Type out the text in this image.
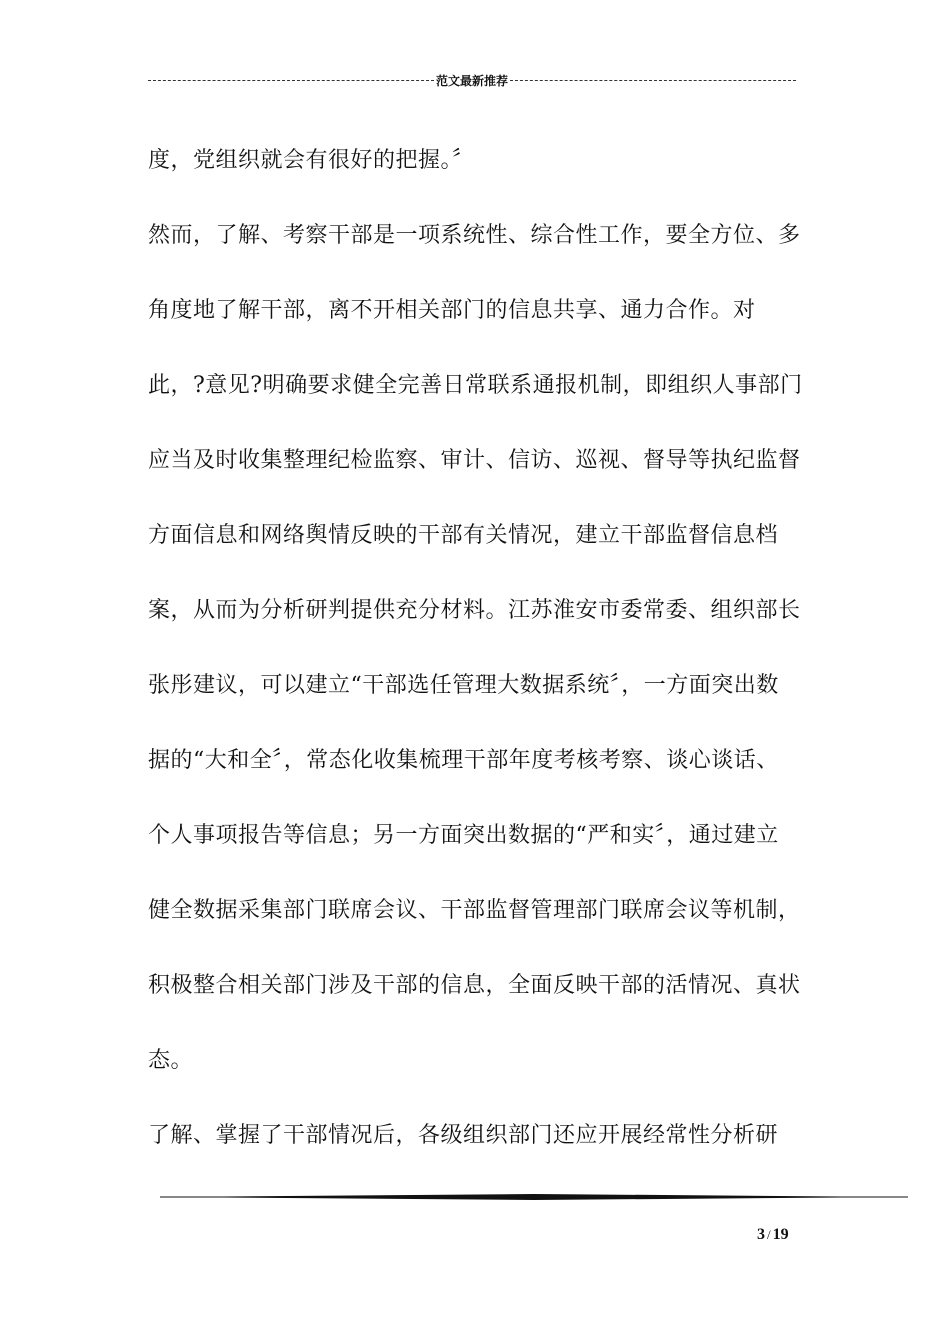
范文最新推荐
度，党组织就会有很好的把握。〞
然而，了解、考察干部是一项系统性、综合性工作，要全方位、多
角度地了解干部，离不开相关部门的信息共享、通力合作。对
此，?意见?明确要求健全完善日常联系通报机制，即组织人事部门
应当及时收集整理纪检监察、审计、信访、巡视、督导等执纪监督
方面信息和网络舆情反映的干部有关情况，建立干部监督信息档
案，从而为分析研判提供充分材料。江苏淮安市委常委、组织部长
张彤建议，可以建立“干部选任管理大数据系统〞，一方面突出数
据的“大和全〞，常态化收集梳理干部年度考核考察、谈心谈话、
个人事项报告等信息；另一方面突出数据的“严和实〞，通过建立
健全数据采集部门联席会议、干部监督管理部门联席会议等机制，
积极整合相关部门涉及干部的信息，全面反映干部的活情况、真状
态。
了解、掌握了干部情况后，各级组织部门还应开展经常性分析研
3 / 19
